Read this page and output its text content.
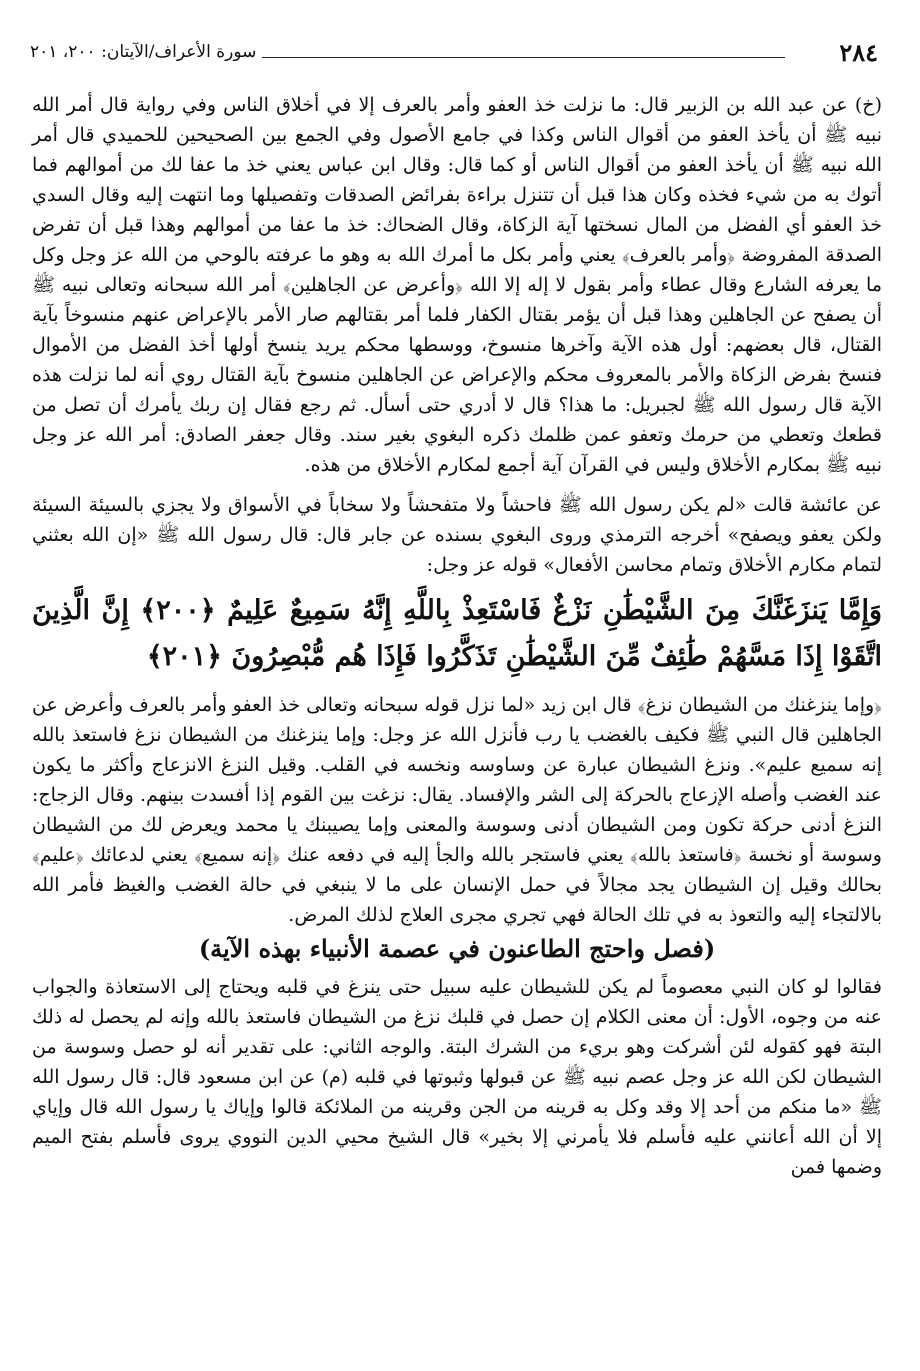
سورة الأعراف/الآيتان: ٢٠٠، ٢٠١	٢٨٤

(خ) عن عبد الله بن الزبير قال: ما نزلت خذ العفو وأمر بالعرف إلا في أخلاق الناس وفي رواية قال أمر الله نبيه ﷺ أن يأخذ العفو من أقوال الناس وكذا في جامع الأصول وفي الجمع بين الصحيحين للحميدي قال أمر الله نبيه ﷺ أن يأخذ العفو من أقوال الناس أو كما قال: وقال ابن عباس يعني خذ ما عفا لك من أموالهم فما أتوك به من شيء فخذه وكان هذا قبل أن تتنزل براءة بفرائض الصدقات وتفصيلها وما انتهت إليه وقال السدي خذ العفو أي الفضل من المال نسختها آية الزكاة، وقال الضحاك: خذ ما عفا من أموالهم وهذا قبل أن تفرض الصدقة المفروضة ﴿وأمر بالعرف﴾ يعني وأمر بكل ما أمرك الله به وهو ما عرفته بالوحي من الله عز وجل وكل ما يعرفه الشارع وقال عطاء وأمر بقول لا إله إلا الله ﴿وأعرض عن الجاهلين﴾ أمر الله سبحانه وتعالى نبيه ﷺ أن يصفح عن الجاهلين وهذا قبل أن يؤمر بقتال الكفار فلما أمر بقتالهم صار الأمر بالإعراض عنهم منسوخاً بآية القتال، قال بعضهم: أول هذه الآية وآخرها منسوخ، ووسطها محكم يريد ينسخ أولها أخذ الفضل من الأموال فنسخ بفرض الزكاة والأمر بالمعروف محكم والإعراض عن الجاهلين منسوخ بآية القتال روي أنه لما نزلت هذه الآية قال رسول الله ﷺ لجبريل: ما هذا؟ قال لا أدري حتى أسأل. ثم رجع فقال إن ربك يأمرك أن تصل من قطعك وتعطي من حرمك وتعفو عمن ظلمك ذكره البغوي بغير سند. وقال جعفر الصادق: أمر الله عز وجل نبيه ﷺ بمكارم الأخلاق وليس في القرآن آية أجمع لمكارم الأخلاق من هذه.

عن عائشة قالت «لم يكن رسول الله ﷺ فاحشاً ولا متفحشاً ولا سخاباً في الأسواق ولا يجزي بالسيئة السيئة ولكن يعفو ويصفح» أخرجه الترمذي وروى البغوي بسنده عن جابر قال: قال رسول الله ﷺ «إن الله بعثني لتمام مكارم الأخلاق وتمام محاسن الأفعال» قوله عز وجل:

وَإِمَّا يَنزَغَنَّكَ مِنَ الشَّيْطَٰنِ نَزْغٌ فَاسْتَعِذْ بِاللَّهِ إِنَّهُ سَمِيعٌ عَلِيمٌ ﴿٢٠٠﴾ إِنَّ الَّذِينَ اتَّقَوْا إِذَا مَسَّهُمْ طَٰئِفٌ مِّنَ الشَّيْطَٰنِ تَذَكَّرُوا فَإِذَا هُم مُّبْصِرُونَ ﴿٢٠١﴾

﴿وإما ينزغنك من الشيطان نزغ﴾ قال ابن زيد «لما نزل قوله سبحانه وتعالى خذ العفو وأمر بالعرف وأعرض عن الجاهلين قال النبي ﷺ فكيف بالغضب يا رب فأنزل الله عز وجل: وإما ينزغنك من الشيطان نزغ فاستعذ بالله إنه سميع عليم». ونزغ الشيطان عبارة عن وساوسه ونخسه في القلب. وقيل النزغ الانزعاج وأكثر ما يكون عند الغضب وأصله الإزعاج بالحركة إلى الشر والإفساد. يقال: نزغت بين القوم إذا أفسدت بينهم. وقال الزجاج: النزغ أدنى حركة تكون ومن الشيطان أدنى وسوسة والمعنى وإما يصيبنك يا محمد ويعرض لك من الشيطان وسوسة أو نخسة ﴿فاستعذ بالله﴾ يعني فاستجر بالله والجأ إليه في دفعه عنك ﴿إنه سميع﴾ يعني لدعائك ﴿عليم﴾ بحالك وقيل إن الشيطان يجد مجالاً في حمل الإنسان على ما لا ينبغي في حالة الغضب والغيظ فأمر الله بالالتجاء إليه والتعوذ به في تلك الحالة فهي تجري مجرى العلاج لذلك المرض.

(فصل واحتج الطاعنون في عصمة الأنبياء بهذه الآية)

فقالوا لو كان النبي معصوماً لم يكن للشيطان عليه سبيل حتى ينزغ في قلبه ويحتاج إلى الاستعاذة والجواب عنه من وجوه، الأول: أن معنى الكلام إن حصل في قلبك نزغ من الشيطان فاستعذ بالله وإنه لم يحصل له ذلك البتة فهو كقوله لئن أشركت وهو بريء من الشرك البتة. والوجه الثاني: على تقدير أنه لو حصل وسوسة من الشيطان لكن الله عز وجل عصم نبيه ﷺ عن قبولها وثبوتها في قلبه (م) عن ابن مسعود قال: قال رسول الله ﷺ «ما منكم من أحد إلا وقد وكل به قرينه من الجن وقرينه من الملائكة قالوا وإياك يا رسول الله قال وإياي إلا أن الله أعانني عليه فأسلم فلا يأمرني إلا بخير» قال الشيخ محيي الدين النووي يروى فأسلم بفتح الميم وضمها فمن
